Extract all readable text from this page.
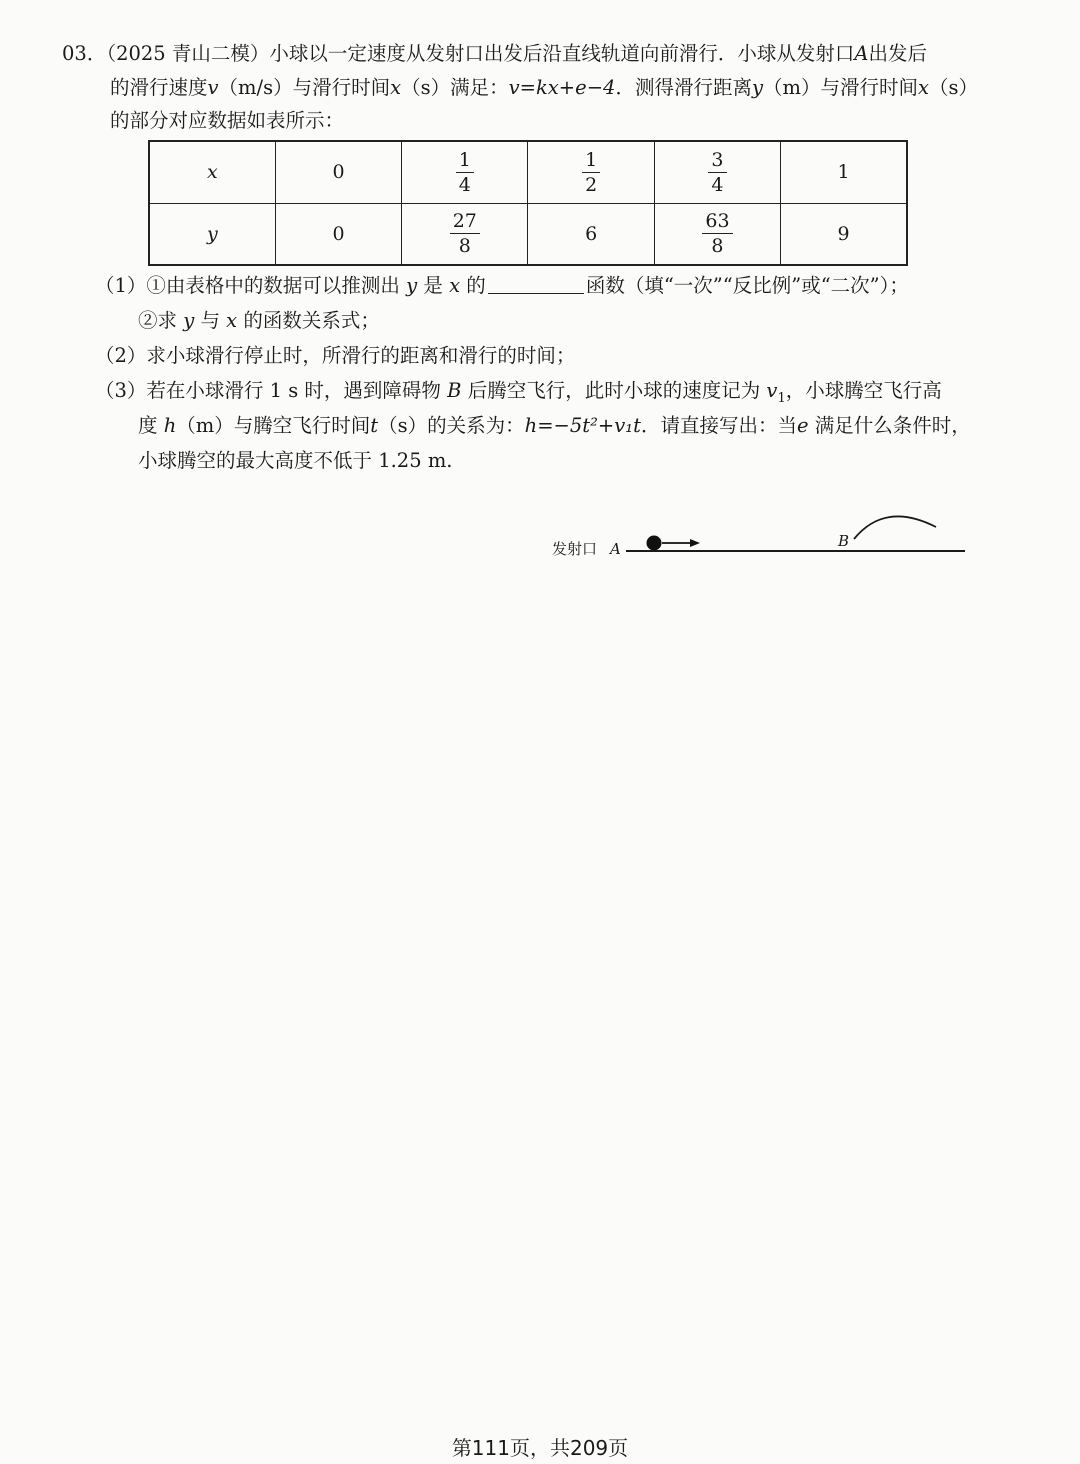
03．（2025 青山二模）小球以一定速度从发射口出发后沿直线轨道向前滑行．小球从发射口A出发后
的滑行速度v（m/s）与滑行时间x（s）满足：v=kx+e−4．测得滑行距离y（m）与滑行时间x（s）
的部分对应数据如表所示：
x	0	$\frac{1}{4}$	$\frac{1}{2}$	$\frac{3}{4}$	1
y	0	$\frac{27}{8}$	6	$\frac{63}{8}$	9
（1）①由表格中的数据可以推测出 y 是 x 的	函数（填“一次”“反比例”或“二次”）；
②求 y 与 x 的函数关系式；
（2）求小球滑行停止时，所滑行的距离和滑行的时间；
（3）若在小球滑行 1 s 时，遇到障碍物 B 后腾空飞行，此时小球的速度记为 $v_1$，小球腾空飞行高
度 h（m）与腾空飞行时间t（s）的关系为：h=−5t²+v₁t．请直接写出：当e 满足什么条件时，
小球腾空的最大高度不低于 1.25 m.
发射口 A	B
第111页，共209页
